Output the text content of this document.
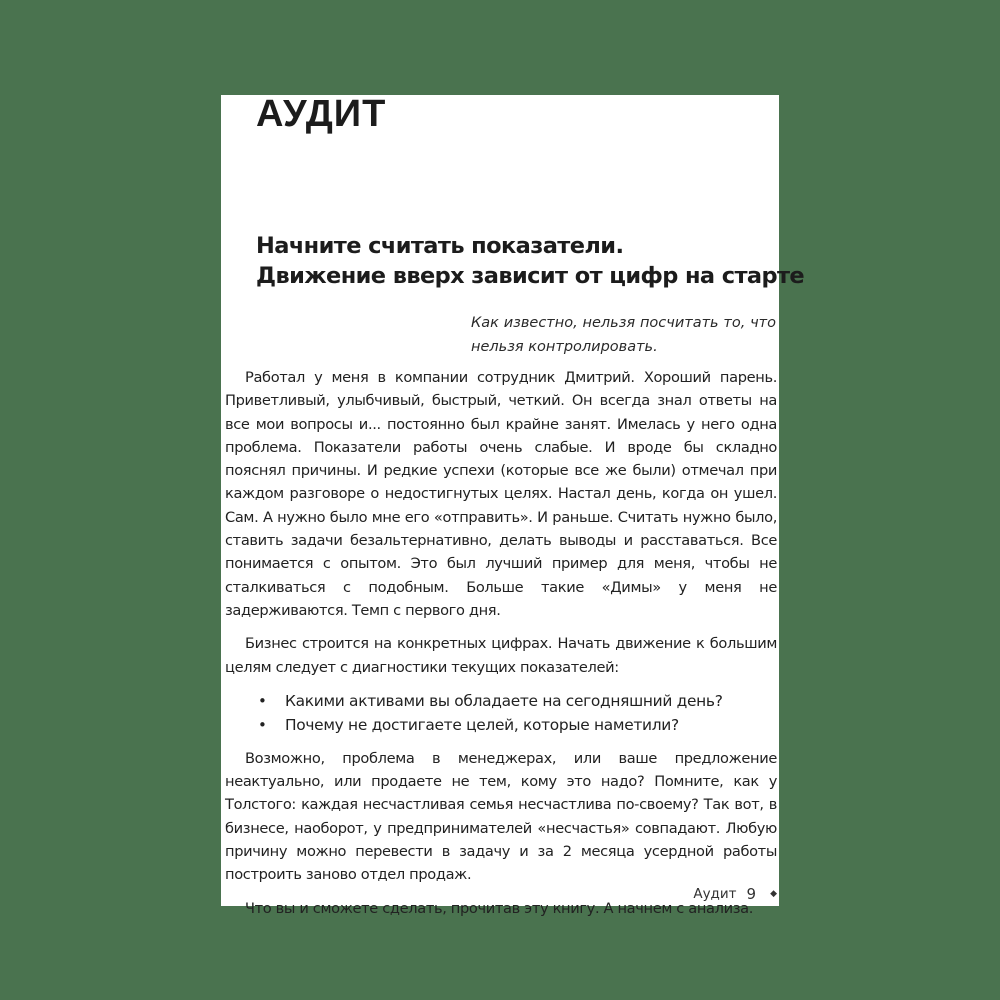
АУДИТ
Начните считать показатели.
Движение вверх зависит от цифр на старте
Как известно, нельзя посчитать то, что нельзя контролировать.

Работал у меня в компании сотрудник Дмитрий. Хороший парень. Приветливый, улыбчивый, быстрый, четкий. Он всегда знал ответы на все мои вопросы и... постоянно был крайне занят. Имелась у него одна проблема. Показатели работы очень слабые. И вроде бы складно пояснял причины. И редкие успехи (которые все же были) отмечал при каждом разговоре о недостигнутых целях. Настал день, когда он ушел. Сам. А нужно было мне его «отправить». И раньше. Считать нужно было, ставить задачи безальтернативно, делать выводы и расставаться. Все понимается с опытом. Это был лучший пример для меня, чтобы не сталкиваться с подобным. Больше такие «Димы» у меня не задерживаются. Темп с первого дня.

Бизнес строится на конкретных цифрах. Начать движение к большим целям следует с диагностики текущих показателей:

• Какими активами вы обладаете на сегодняшний день?
• Почему не достигаете целей, которые наметили?

Возможно, проблема в менеджерах, или ваше предложение неактуально, или продаете не тем, кому это надо? Помните, как у Толстого: каждая несчастливая семья несчастлива по-своему? Так вот, в бизнесе, наоборот, у предпринимателей «несчастья» совпадают. Любую причину можно перевести в задачу и за 2 месяца усердной работы построить заново отдел продаж.

Что вы и сможете сделать, прочитав эту книгу. А начнем с анализа.

Аудит 9 ◆
